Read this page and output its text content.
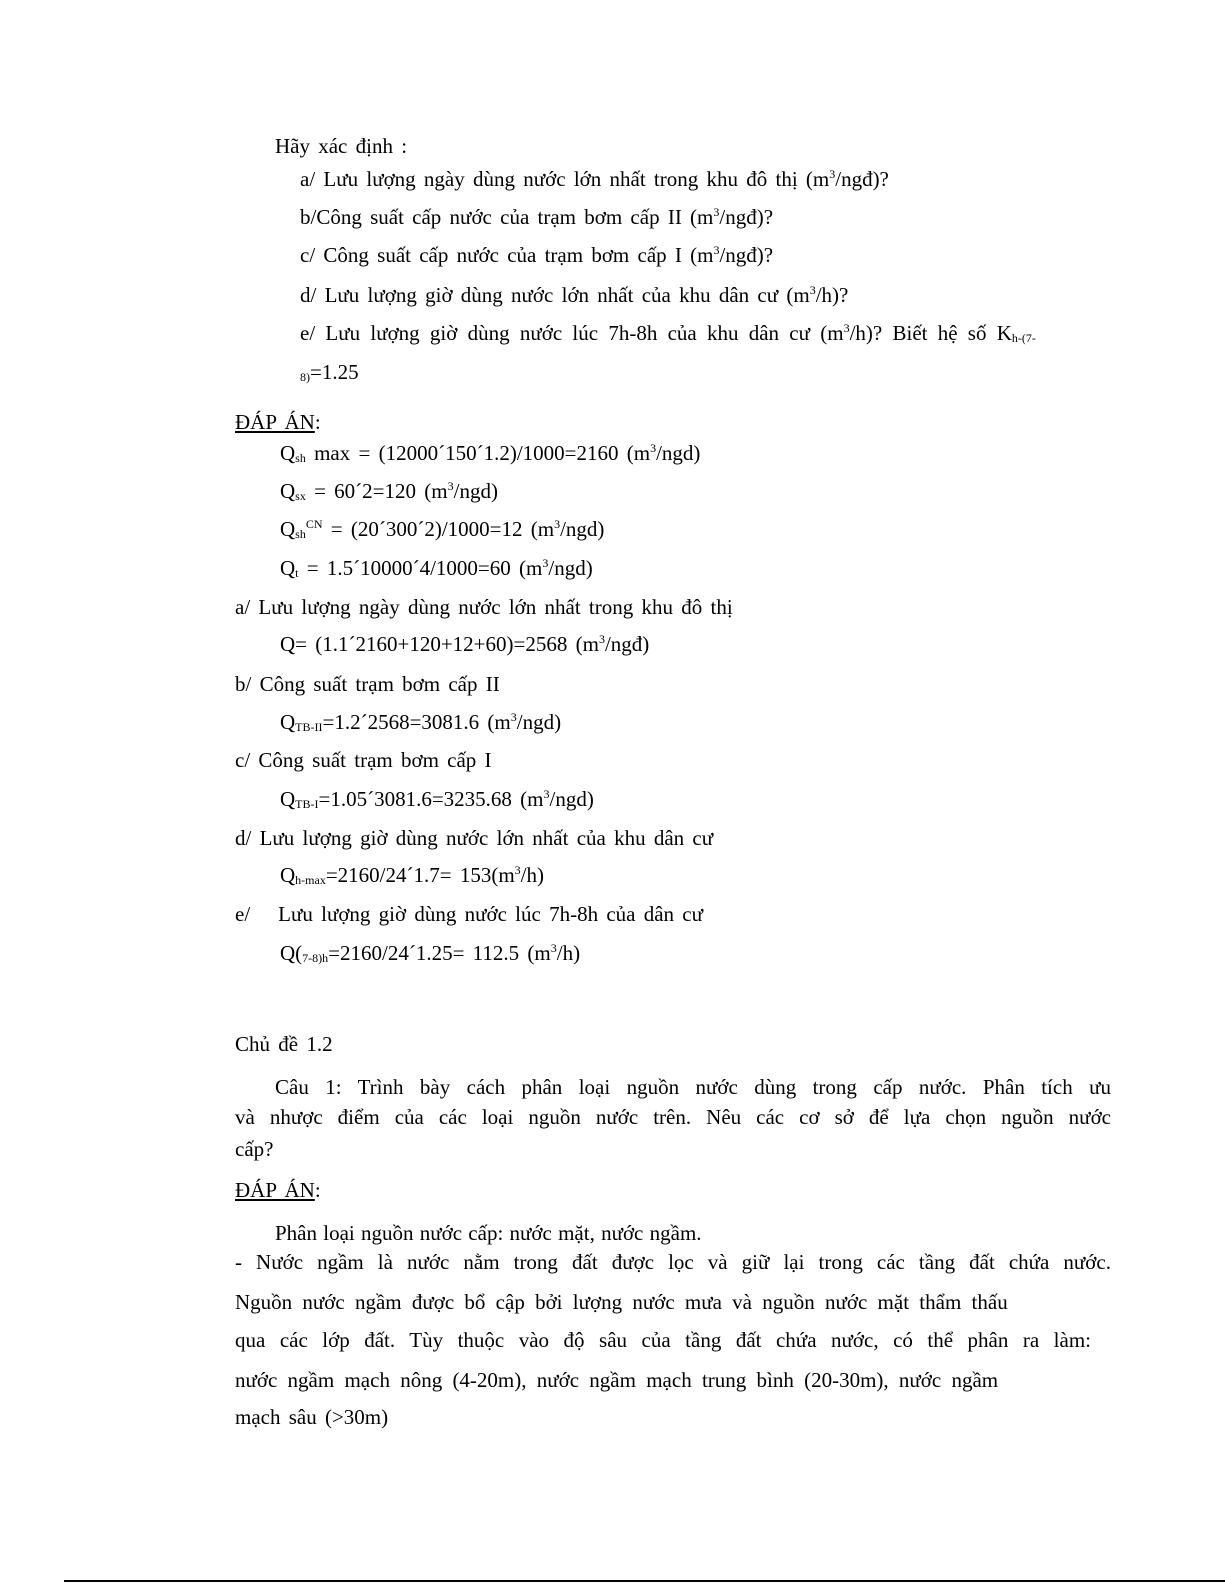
Hãy xác định :
a/ Lưu lượng ngày dùng nước lớn nhất trong khu đô thị $(m^3/ngđ)$?
b/Công suất cấp nước của trạm bơm cấp II $(m^3/ngđ)$?
c/ Công suất cấp nước của trạm bơm cấp I $(m^3/ngđ)$?
d/ Lưu lượng giờ dùng nước lớn nhất của khu dân cư $(m^3/h)$?
e/ Lưu lượng giờ dùng nước lúc 7h-8h của khu dân cư $(m^3/h)$? Biết hệ số $K_{h-(7-}$
$_{8)}$=1.25
ĐÁP ÁN:
$Q_{sh}$ max = (12000´150´1.2)/1000=2160 $(m^3/ngd)$
$Q_{sx}$ = 60´2=120 $(m^3/ngd)$
$Q_{sh}^{CN}$ = (20´300´2)/1000=12 $(m^3/ngd)$
$Q_t$ = 1.5´10000´4/1000=60 $(m^3/ngd)$
a/ Lưu lượng ngày dùng nước lớn nhất trong khu đô thị
Q= (1.1´2160+120+12+60)=2568 $(m^3/ngđ)$
b/ Công suất trạm bơm cấp II
$Q_{TB-II}=1.2´2568=3081.6$ $(m^3/ngd)$
c/ Công suất trạm bơm cấp I
$Q_{TB-I}=1.05´3081.6=3235.68$ $(m^3/ngd)$
d/ Lưu lượng giờ dùng nước lớn nhất của khu dân cư
$Q_{h-max}=2160/24´1.7= 153(m^3/h)$
e/ Lưu lượng giờ dùng nước lúc 7h-8h của dân cư
$Q(_{7-8)h}=2160/24´1.25= 112.5$ $(m^3/h)$
Chủ đề 1.2
Câu 1: Trình bày cách phân loại nguồn nước dùng trong cấp nước. Phân tích ưu
và nhược điểm của các loại nguồn nước trên. Nêu các cơ sở để lựa chọn nguồn nước
cấp?
ĐÁP ÁN:
Phân loại nguồn nước cấp: nước mặt, nước ngầm.
- Nước ngầm là nước nằm trong đất được lọc và giữ lại trong các tầng đất chứa nước.
Nguồn nước ngầm được bổ cập bởi lượng nước mưa và nguồn nước mặt thẩm thấu
qua các lớp đất. Tùy thuộc vào độ sâu của tầng đất chứa nước, có thể phân ra làm:
nước ngầm mạch nông (4-20m), nước ngầm mạch trung bình (20-30m), nước ngầm
mạch sâu (>30m)
